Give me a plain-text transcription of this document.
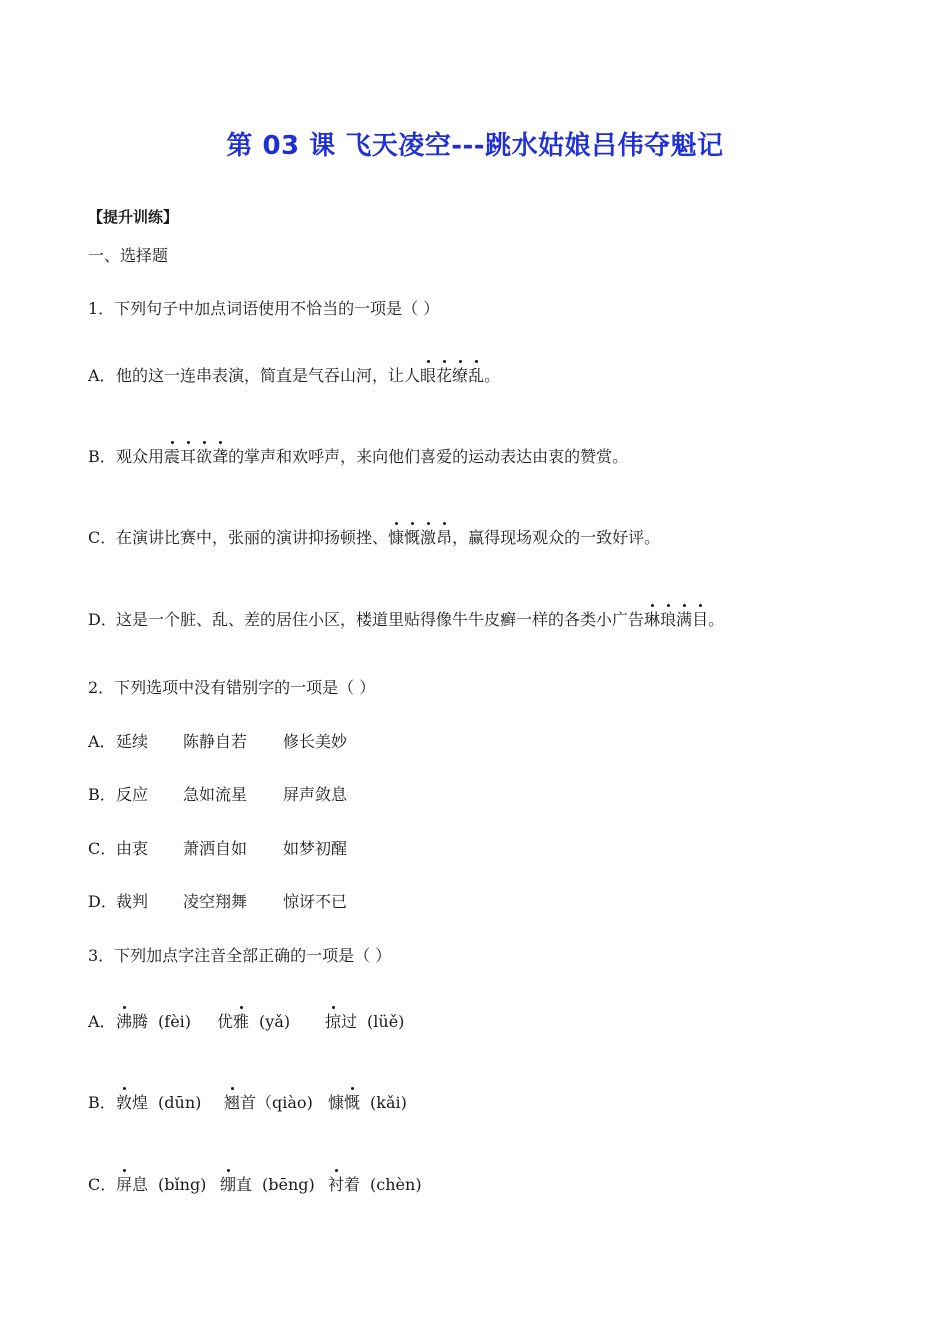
第 03 课 飞天凌空---跳水姑娘吕伟夺魁记
【提升训练】
一、选择题
1．下列句子中加点词语使用不恰当的一项是（ ）
A．他的这一连串表演，简直是气吞山河，让人眼花缭乱。
B．观众用震耳欲聋的掌声和欢呼声，来向他们喜爱的运动表达由衷的赞赏。
C．在演讲比赛中，张丽的演讲抑扬顿挫、慷慨激昂，赢得现场观众的一致好评。
D．这是一个脏、乱、差的居住小区，楼道里贴得像牛牛皮癣一样的各类小广告琳琅满目。
2．下列选项中没有错别字的一项是（ ）
A．延续 陈静自若 修长美妙
B．反应 急如流星 屏声敛息
C．由衷 萧洒自如 如梦初醒
D．裁判 凌空翔舞 惊讶不已
3．下列加点字注音全部正确的一项是（ ）
A．沸腾 (fèi) 优雅 (yǎ) 掠过 (lüě)
B．敦煌 (dūn) 翘首（qiào) 慷慨 (kǎi)
C．屏息 (bǐng) 绷直 (bēng) 衬着 (chèn)
